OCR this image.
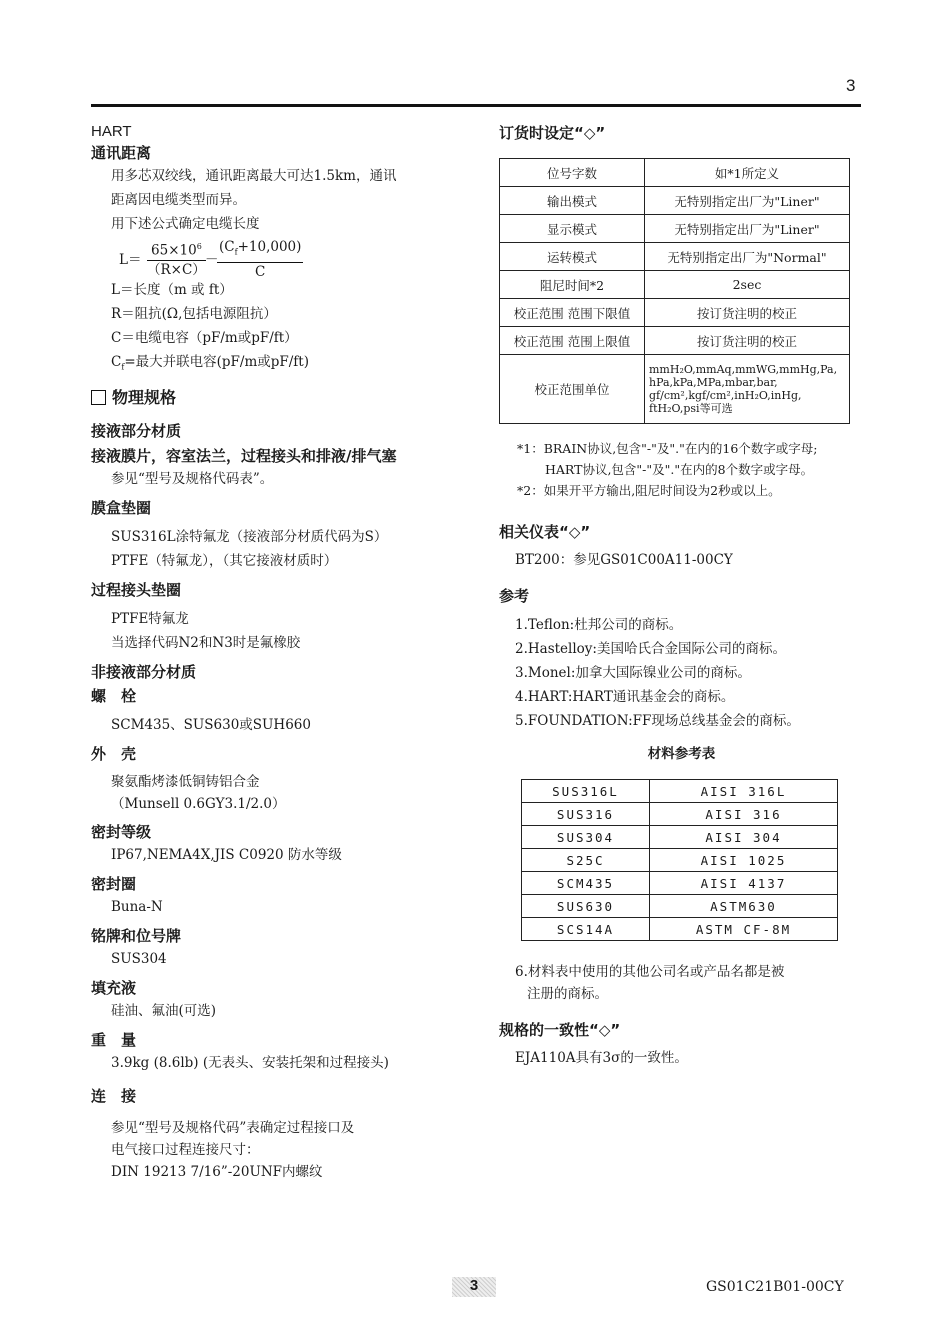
3
HART
通讯距离
用多芯双绞线，通讯距离最大可达1.5km，通讯
距离因电缆类型而异。
用下述公式确定电缆长度
$L= \frac{65\times 10^6}{(R\times C)}$ －
$\frac{(C_f+10,000)}{C}$
L＝长度（m 或 ft）
R＝阻抗(Ω,包括电源阻抗）
C＝电缆电容（pF/m或pF/ft）
$C_f=$最大并联电容(pF/m或pF/ft)
物理规格
接液部分材质
接液膜片，容室法兰，过程接头和排液/排气塞
参见“型号及规格代码表”。
膜盒垫圈
SUS316L涂特氟龙（接液部分材质代码为S）
PTFE（特氟龙），（其它接液材质时）
过程接头垫圈
PTFE特氟龙
当选择代码N2和N3时是氟橡胶
非接液部分材质
螺　栓
SCM435、SUS630或SUH660
外　壳
聚氨酯烤漆低铜铸铝合金
（Munsell 0.6GY3.1/2.0）
密封等级
IP67,NEMA4X,JIS C0920 防水等级
密封圈
Buna-N
铭牌和位号牌
SUS304
填充液
硅油、氟油(可选)
重　量
3.9kg (8.6lb) (无表头、安装托架和过程接头)
连　接
参见“型号及规格代码”表确定过程接口及
电气接口过程连接尺寸：
DIN 19213 7/16”-20UNF内螺纹
订货时设定“◇”
位号字数	如*1所定义
输出模式	无特别指定出厂为"Liner"
显示模式	无特别指定出厂为"Liner"
运转模式	无特别指定出厂为"Normal"
阻尼时间*2	2sec
校正范围 范围下限值	按订货注明的校正
校正范围 范围上限值	按订货注明的校正
校正范围单位	mmH₂O,mmAq,mmWG,mmHg,Pa,
hPa,kPa,MPa,mbar,bar,
gf/cm²,kgf/cm²,inH₂O,inHg,
ftH₂O,psi等可选
*1：BRAIN协议,包含"-"及"."在内的16个数字或字母;
HART协议,包含"-"及"."在内的8个数字或字母。
*2：如果开平方输出,阻尼时间设为2秒或以上。
相关仪表“◇”
BT200：参见GS01C00A11-00CY
参考
1.Teflon:杜邦公司的商标。
2.Hastelloy:美国哈氏合金国际公司的商标。
3.Monel:加拿大国际镍业公司的商标。
4.HART:HART通讯基金会的商标。
5.FOUNDATION:FF现场总线基金会的商标。
材料参考表
SUS316L	AISI 316L
SUS316	AISI 316
SUS304	AISI 304
S25C	AISI 1025
SCM435	AISI 4137
SUS630	ASTM630
SCS14A	ASTM CF-8M
6.材料表中使用的其他公司名或产品名都是被
注册的商标。
规格的一致性“◇”
EJA110A具有3σ的一致性。
3	GS01C21B01-00CY
